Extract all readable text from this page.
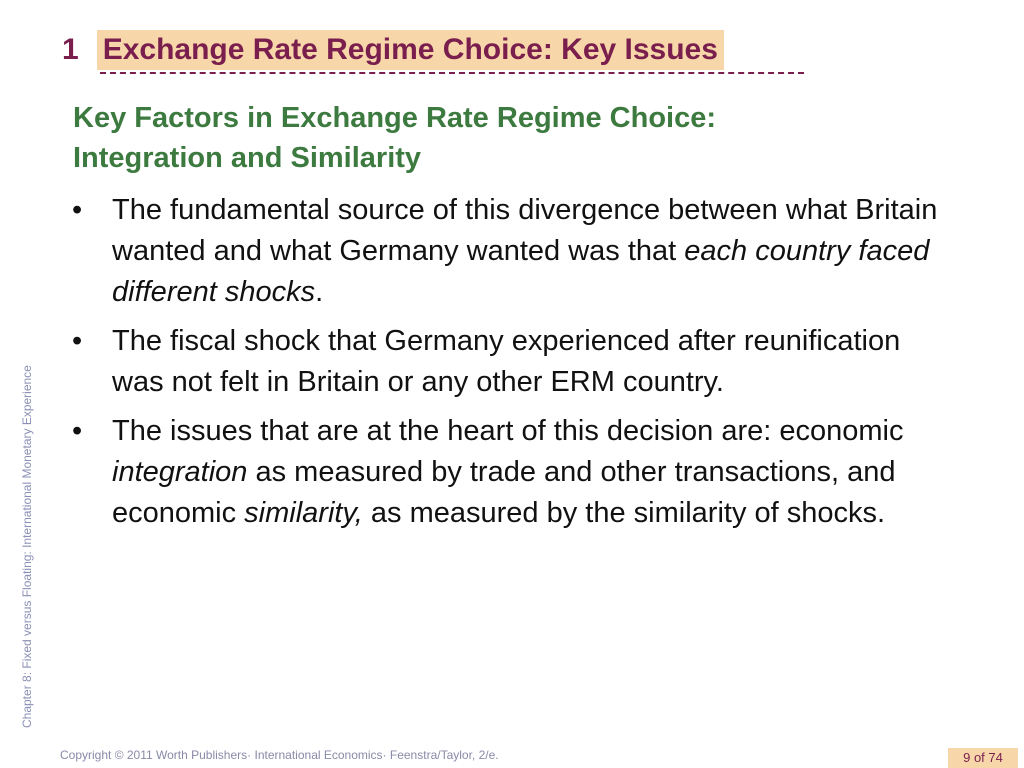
1 Exchange Rate Regime Choice: Key Issues
Key Factors in Exchange Rate Regime Choice:
Integration and Similarity
•	The fundamental source of this divergence between what Britain wanted and what Germany wanted was that each country faced different shocks.
•	The fiscal shock that Germany experienced after reunification was not felt in Britain or any other ERM country.
•	The issues that are at the heart of this decision are: economic integration as measured by trade and other transactions, and economic similarity, as measured by the similarity of shocks.
Chapter 8: Fixed versus Floating: International Monetary Experience
Copyright © 2011 Worth Publishers· International Economics· Feenstra/Taylor, 2/e.	9 of 74
